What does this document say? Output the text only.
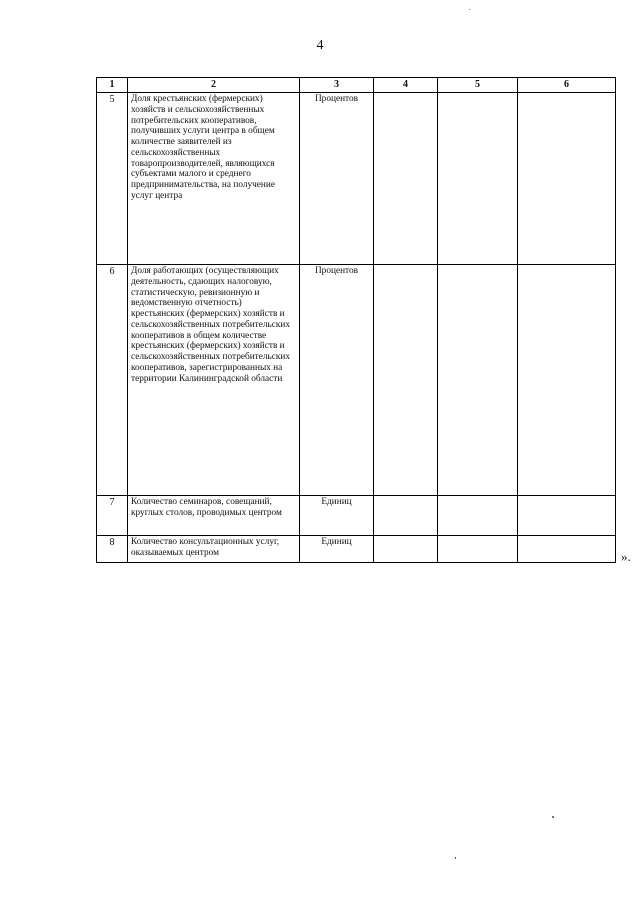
4
1	2	3	4	5	6
5	Доля крестьянских (фермерских) хозяйств и сельскохозяйственных потребительских кооперативов, получивших услуги центра в общем количестве заявителей из сельскохозяйственных товаропроизводителей, являющихся субъектами малого и среднего предпринимательства, на получение услуг центра	Процентов			
6	Доля работающих (осуществляющих деятельность, сдающих налоговую, статистическую, ревизионную и ведомственную отчетность) крестьянских (фермерских) хозяйств и сельскохозяйственных потребительских кооперативов в общем количестве крестьянских (фермерских) хозяйств и сельскохозяйственных потребительских кооперативов, зарегистрированных на территории Калининградской области	Процентов			
7	Количество семинаров, совещаний, круглых столов, проводимых центром	Единиц			
8	Количество консультационных услуг, оказываемых центром	Единиц			
».
